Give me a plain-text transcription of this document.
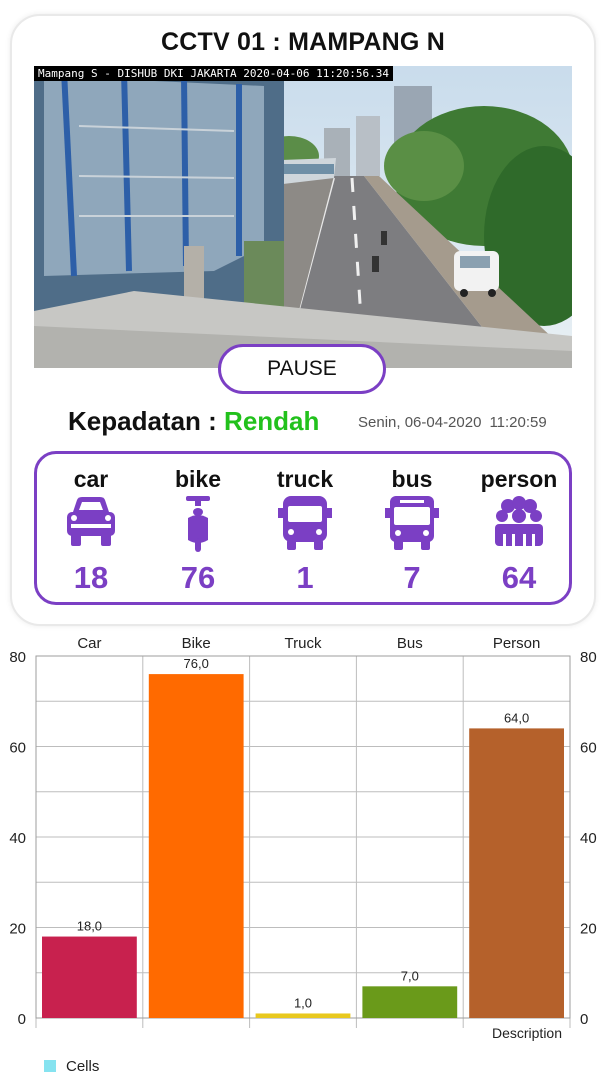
CCTV 01 : MAMPANG N
Mampang S - DISHUB DKI JAKARTA 2020-04-06 11:20:56.34
PAUSE
Kepadatan : Rendah	Senin, 06-04-2020 11:20:59
car
18
bike
76
truck
1
bus
7
person
64
0	0
20	20
40	40
60	60
80	80
Car	Bike	Truck	Bus	Person
18,0
76,0
1,0
7,0
64,0
Description
Cells
